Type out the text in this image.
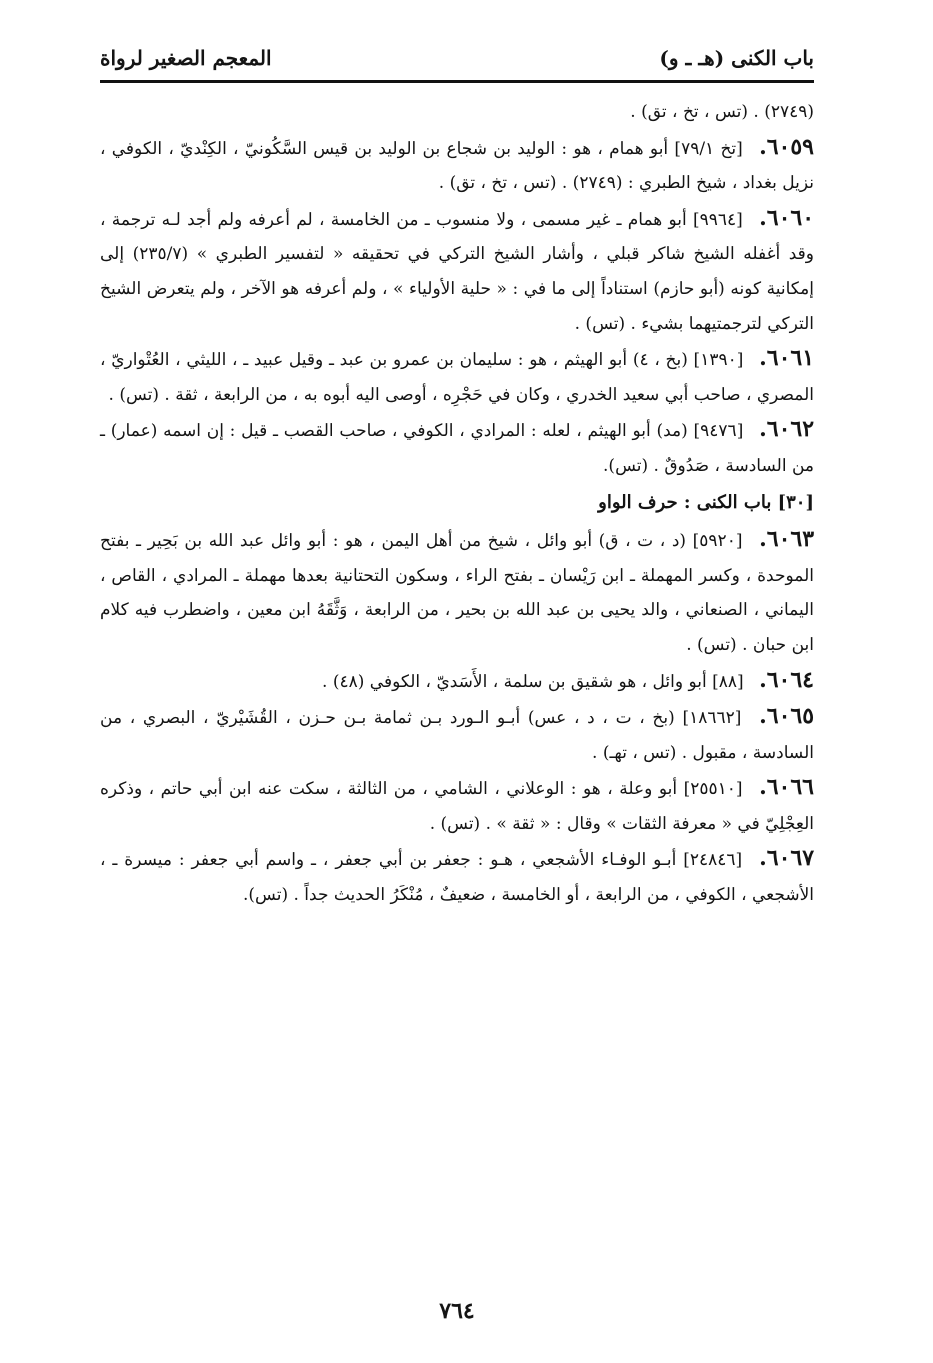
باب الكنى (هـ ـ و)
المعجم الصغير لرواة

(٢٧٤٩) . (تس ، تخ ، تق) .

٦٠٥٩. [تخ ٧٩/١] أبو همام ، هو : الوليد بن شجاع بن الوليد بن قيس السَّكُونيّ ، الكِنْديّ ، الكوفي ، نزيل بغداد ، شيخ الطبري : (٢٧٤٩) . (تس ، تخ ، تق) .

٦٠٦٠. [٩٩٦٤] أبو همام ـ غير مسمى ، ولا منسوب ـ من الخامسة ، لم أعرفه ولم أجد لـه ترجمة ، وقد أغفله الشيخ شاكر قبلي ، وأشار الشيخ التركي في تحقيقه « لتفسير الطبري » (٢٣٥/٧) إلى إمكانية كونه (أبو حازم) استناداً إلى ما في : « حلية الأولياء » ، ولم أعرفه هو الآخر ، ولم يتعرض الشيخ التركي لترجمتيهما بشيء . (تس) .

٦٠٦١. [١٣٩٠] (بخ ، ٤) أبو الهيثم ، هو : سليمان بن عمرو بن عبد ـ وقيل عبيد ـ ، الليثي ، العُتْواريّ ، المصري ، صاحب أبي سعيد الخدري ، وكان في حَجْرِه ، أوصى اليه أبوه به ، من الرابعة ، ثقة . (تس) .

٦٠٦٢. [٩٤٧٦] (مد) أبو الهيثم ، لعله : المرادي ، الكوفي ، صاحب القصب ـ قيل : إن اسمه (عمار) ـ من السادسة ، صَدُوقٌ . (تس).

[٣٠] باب الكنى : حرف الواو

٦٠٦٣. [٥٩٢٠] (د ، ت ، ق) أبو وائل ، شيخ من أهل اليمن ، هو : أبو وائل عبد الله بن بَحِير ـ بفتح الموحدة ، وكسر المهملة ـ ابن رَيْسان ـ بفتح الراء ، وسكون التحتانية بعدها مهملة ـ المرادي ، القاص ، اليماني ، الصنعاني ، والد يحيى بن عبد الله بن بحير ، من الرابعة ، وَثَّقَهُ ابن معين ، واضطرب فيه كلام ابن حبان . (تس) .

٦٠٦٤. [٨٨] أبو وائل ، هو شقيق بن سلمة ، الأَسَديّ ، الكوفي (٤٨) .

٦٠٦٥. [١٨٦٦٢] (بخ ، ت ، د ، عس) أبـو الـورد بـن ثمامة بـن حـزن ، القُشَيْريّ ، البصري ، من السادسة ، مقبول . (تس ، تهـ) .

٦٠٦٦. [٢٥٥١٠] أبو وعلة ، هو : الوعلاني ، الشامي ، من الثالثة ، سكت عنه ابن أبي حاتم ، وذكره العِجْلِيّ في « معرفة الثقات » وقال : « ثقة » . (تس) .

٦٠٦٧. [٢٤٨٤٦] أبـو الوفـاء الأشجعي ، هـو : جعفر بن أبي جعفر ، ـ واسم أبي جعفر : ميسرة ـ ، الأشجعي ، الكوفي ، من الرابعة ، أو الخامسة ، ضعيفٌ ، مُنْكَرُ الحديث جداً . (تس).

٧٦٤
